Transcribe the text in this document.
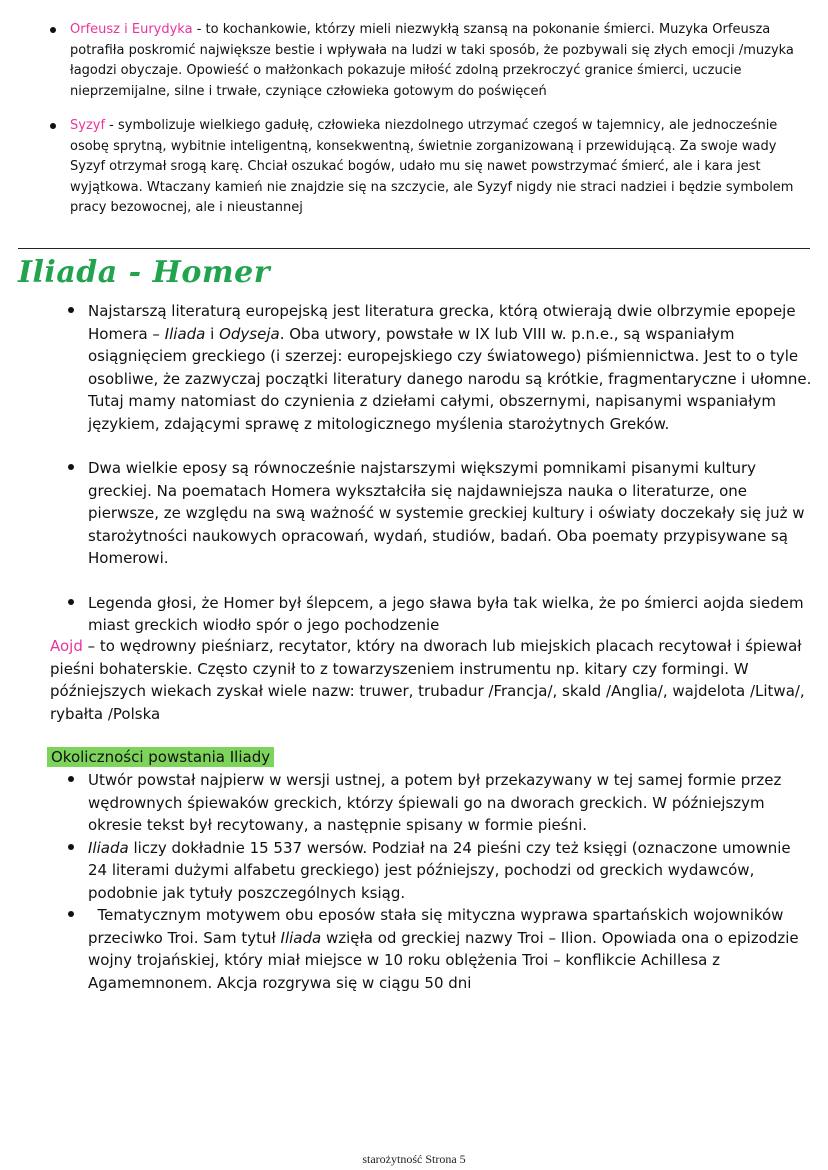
Orfeusz i Eurydyka - to kochankowie, którzy mieli niezwykłą szansą na pokonanie śmierci. Muzyka Orfeusza potrafiła poskromić największe bestie i wpływała na ludzi w taki sposób, że pozbywali się złych emocji /muzyka łagodzi obyczaje. Opowieść o małżonkach pokazuje miłość zdolną przekroczyć granice śmierci, uczucie nieprzemijalne, silne i trwałe, czyniące człowieka gotowym do poświęceń
Syzyf - symbolizuje wielkiego gadułę, człowieka niezdolnego utrzymać czegoś w tajemnicy, ale jednocześnie osobę sprytną, wybitnie inteligentną, konsekwentną, świetnie zorganizowaną i przewidującą. Za swoje wady Syzyf otrzymał srogą karę. Chciał oszukać bogów, udało mu się nawet powstrzymać śmierć, ale i kara jest wyjątkowa. Wtaczany kamień nie znajdzie się na szczycie, ale Syzyf nigdy nie straci nadziei i będzie symbolem pracy bezowocnej, ale i nieustannej
Iliada - Homer
Najstarszą literaturą europejską jest literatura grecka, którą otwierają dwie olbrzymie epopeje Homera – Iliada i Odyseja. Oba utwory, powstałe w IX lub VIII w. p.n.e., są wspaniałym osiągnięciem greckiego (i szerzej: europejskiego czy światowego) piśmiennictwa. Jest to o tyle osobliwe, że zazwyczaj początki literatury danego narodu są krótkie, fragmentaryczne i ułomne. Tutaj mamy natomiast do czynienia z dziełami całymi, obszernymi, napisanymi wspaniałym językiem, zdającymi sprawę z mitologicznego myślenia starożytnych Greków.
Dwa wielkie eposy są równocześnie najstarszymi większymi pomnikami pisanymi kultury greckiej. Na poematach Homera wykształciła się najdawniejsza nauka o literaturze, one pierwsze, ze względu na swą ważność w systemie greckiej kultury i oświaty doczekały się już w starożytności naukowych opracowań, wydań, studiów, badań. Oba poematy przypisywane są Homerowi.
Legenda głosi, że Homer był ślepcem, a jego sława była tak wielka, że po śmierci aojda siedem miast greckich wiodło spór o jego pochodzenie

Aojd – to wędrowny pieśniarz, recytator, który na dworach lub miejskich placach recytował i śpiewał pieśni bohaterskie. Często czynił to z towarzyszeniem instrumentu np. kitary czy formingi. W późniejszych wiekach zyskał wiele nazw: truwer, trubadur /Francja/, skald /Anglia/, wajdelota /Litwa/, rybałta /Polska

Okoliczności powstania Iliady
Utwór powstał najpierw w wersji ustnej, a potem był przekazywany w tej samej formie przez wędrownych śpiewaków greckich, którzy śpiewali go na dworach greckich. W późniejszym okresie tekst był recytowany, a następnie spisany w formie pieśni.
Iliada liczy dokładnie 15 537 wersów. Podział na 24 pieśni czy też księgi (oznaczone umownie 24 literami dużymi alfabetu greckiego) jest późniejszy, pochodzi od greckich wydawców, podobnie jak tytuły poszczególnych ksiąg.
Tematycznym motywem obu eposów stała się mityczna wyprawa spartańskich wojowników przeciwko Troi. Sam tytuł Iliada wzięła od greckiej nazwy Troi – Ilion. Opowiada ona o epizodzie wojny trojańskiej, który miał miejsce w 10 roku oblężenia Troi – konflikcie Achillesa z Agamemnonem. Akcja rozgrywa się w ciągu 50 dni
starożytność Strona 5
